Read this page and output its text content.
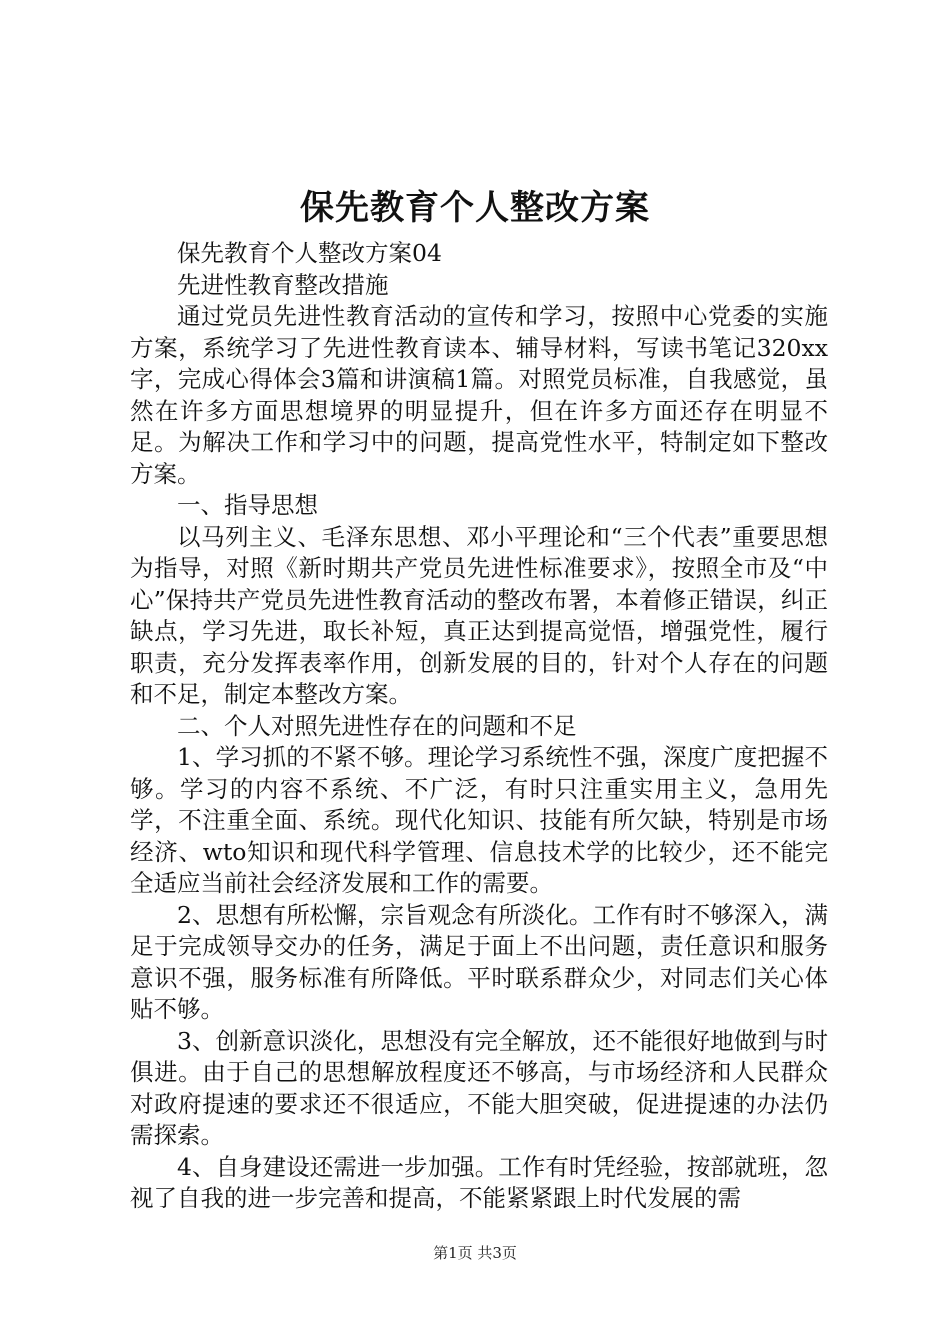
保先教育个人整改方案

保先教育个人整改方案04

先进性教育整改措施

通过党员先进性教育活动的宣传和学习，按照中心党委的实施方案，系统学习了先进性教育读本、辅导材料，写读书笔记320xx字，完成心得体会3篇和讲演稿1篇。对照党员标准，自我感觉，虽然在许多方面思想境界的明显提升，但在许多方面还存在明显不足。为解决工作和学习中的问题，提高党性水平，特制定如下整改方案。

一、指导思想

以马列主义、毛泽东思想、邓小平理论和“三个代表”重要思想为指导，对照《新时期共产党员先进性标准要求》，按照全市及“中心”保持共产党员先进性教育活动的整改布署，本着修正错误，纠正缺点，学习先进，取长补短，真正达到提高觉悟，增强党性，履行职责，充分发挥表率作用，创新发展的目的，针对个人存在的问题和不足，制定本整改方案。

二、个人对照先进性存在的问题和不足

1、学习抓的不紧不够。理论学习系统性不强，深度广度把握不够。学习的内容不系统、不广泛，有时只注重实用主义，急用先学，不注重全面、系统。现代化知识、技能有所欠缺，特别是市场经济、wto知识和现代科学管理、信息技术学的比较少，还不能完全适应当前社会经济发展和工作的需要。

2、思想有所松懈，宗旨观念有所淡化。工作有时不够深入，满足于完成领导交办的任务，满足于面上不出问题，责任意识和服务意识不强，服务标准有所降低。平时联系群众少，对同志们关心体贴不够。

3、创新意识淡化，思想没有完全解放，还不能很好地做到与时俱进。由于自己的思想解放程度还不够高，与市场经济和人民群众对政府提速的要求还不很适应，不能大胆突破，促进提速的办法仍需探索。

4、自身建设还需进一步加强。工作有时凭经验，按部就班，忽视了自我的进一步完善和提高，不能紧紧跟上时代发展的需

第1页 共3页
